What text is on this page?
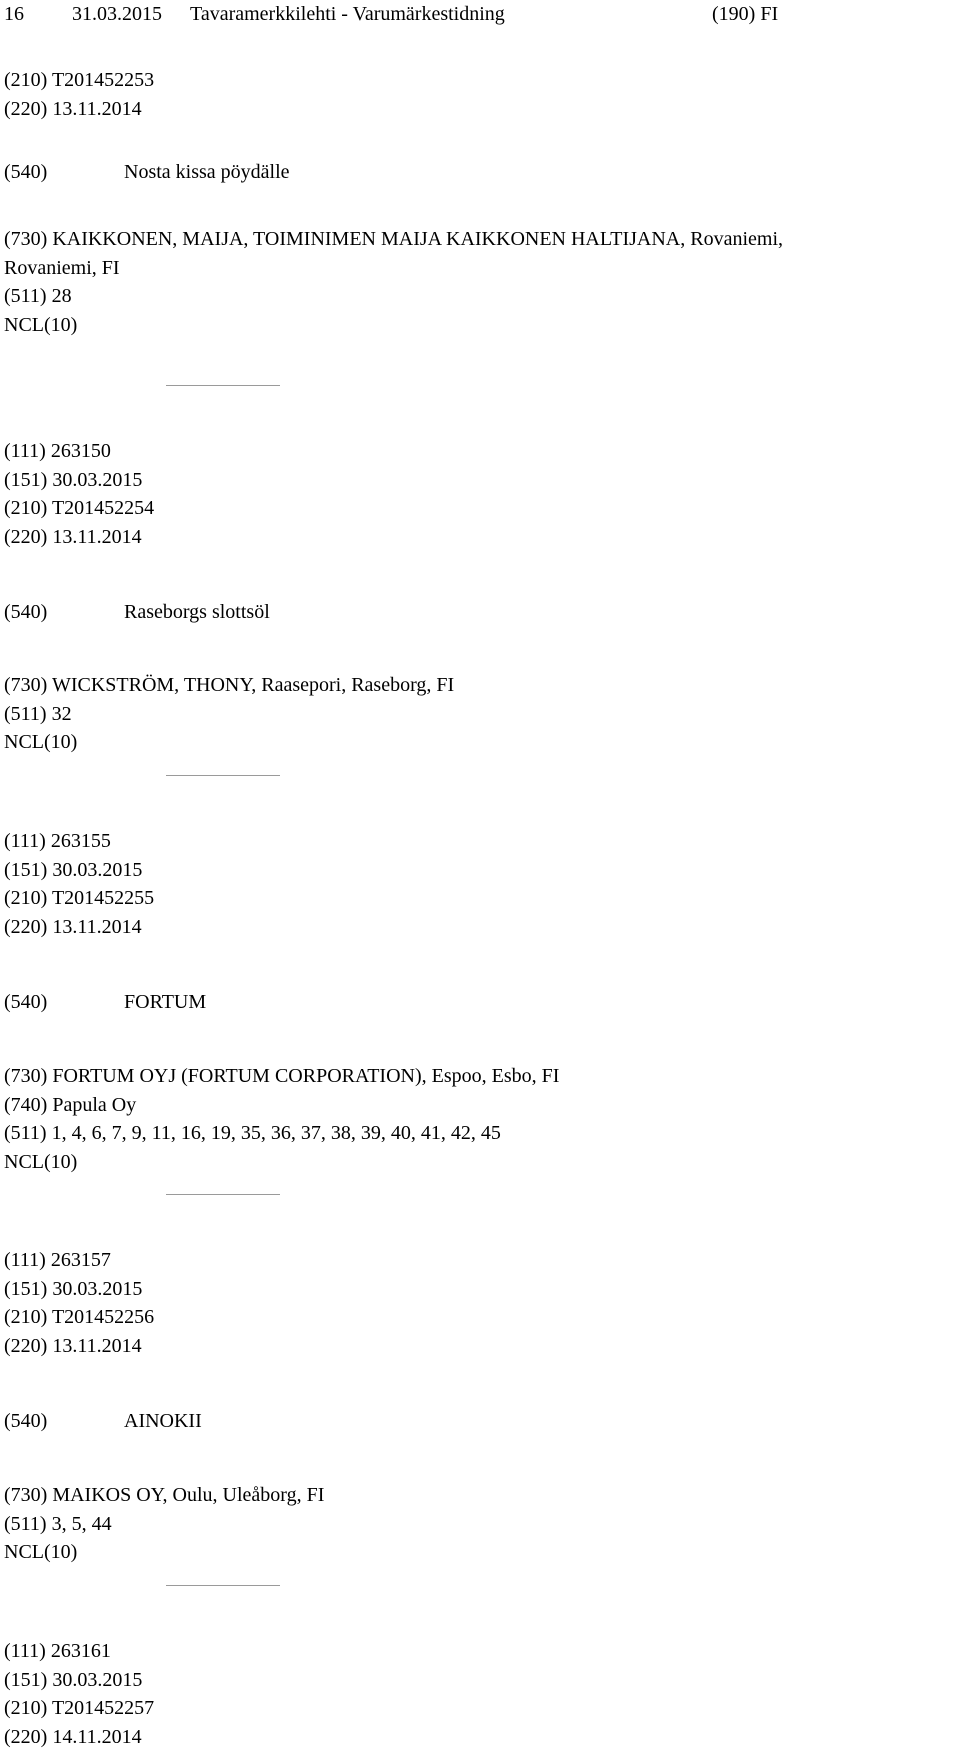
16 31.03.2015 Tavaramerkkilehti - Varumärkestidning	(190) FI
(210) T201452253
(220) 13.11.2014
(540)	Nosta kissa pöydälle
(730) KAIKKONEN, MAIJA, TOIMINIMEN MAIJA KAIKKONEN HALTIJANA, Rovaniemi,
Rovaniemi, FI
(511) 28
NCL(10)
(111) 263150
(151) 30.03.2015
(210) T201452254
(220) 13.11.2014
(540)	Raseborgs slottsöl
(730) WICKSTRÖM, THONY, Raasepori, Raseborg, FI
(511) 32
NCL(10)
(111) 263155
(151) 30.03.2015
(210) T201452255
(220) 13.11.2014
(540)	FORTUM
(730) FORTUM OYJ (FORTUM CORPORATION), Espoo, Esbo, FI
(740) Papula Oy
(511) 1, 4, 6, 7, 9, 11, 16, 19, 35, 36, 37, 38, 39, 40, 41, 42, 45
NCL(10)
(111) 263157
(151) 30.03.2015
(210) T201452256
(220) 13.11.2014
(540)	AINOKII
(730) MAIKOS OY, Oulu, Uleåborg, FI
(511) 3, 5, 44
NCL(10)
(111) 263161
(151) 30.03.2015
(210) T201452257
(220) 14.11.2014
